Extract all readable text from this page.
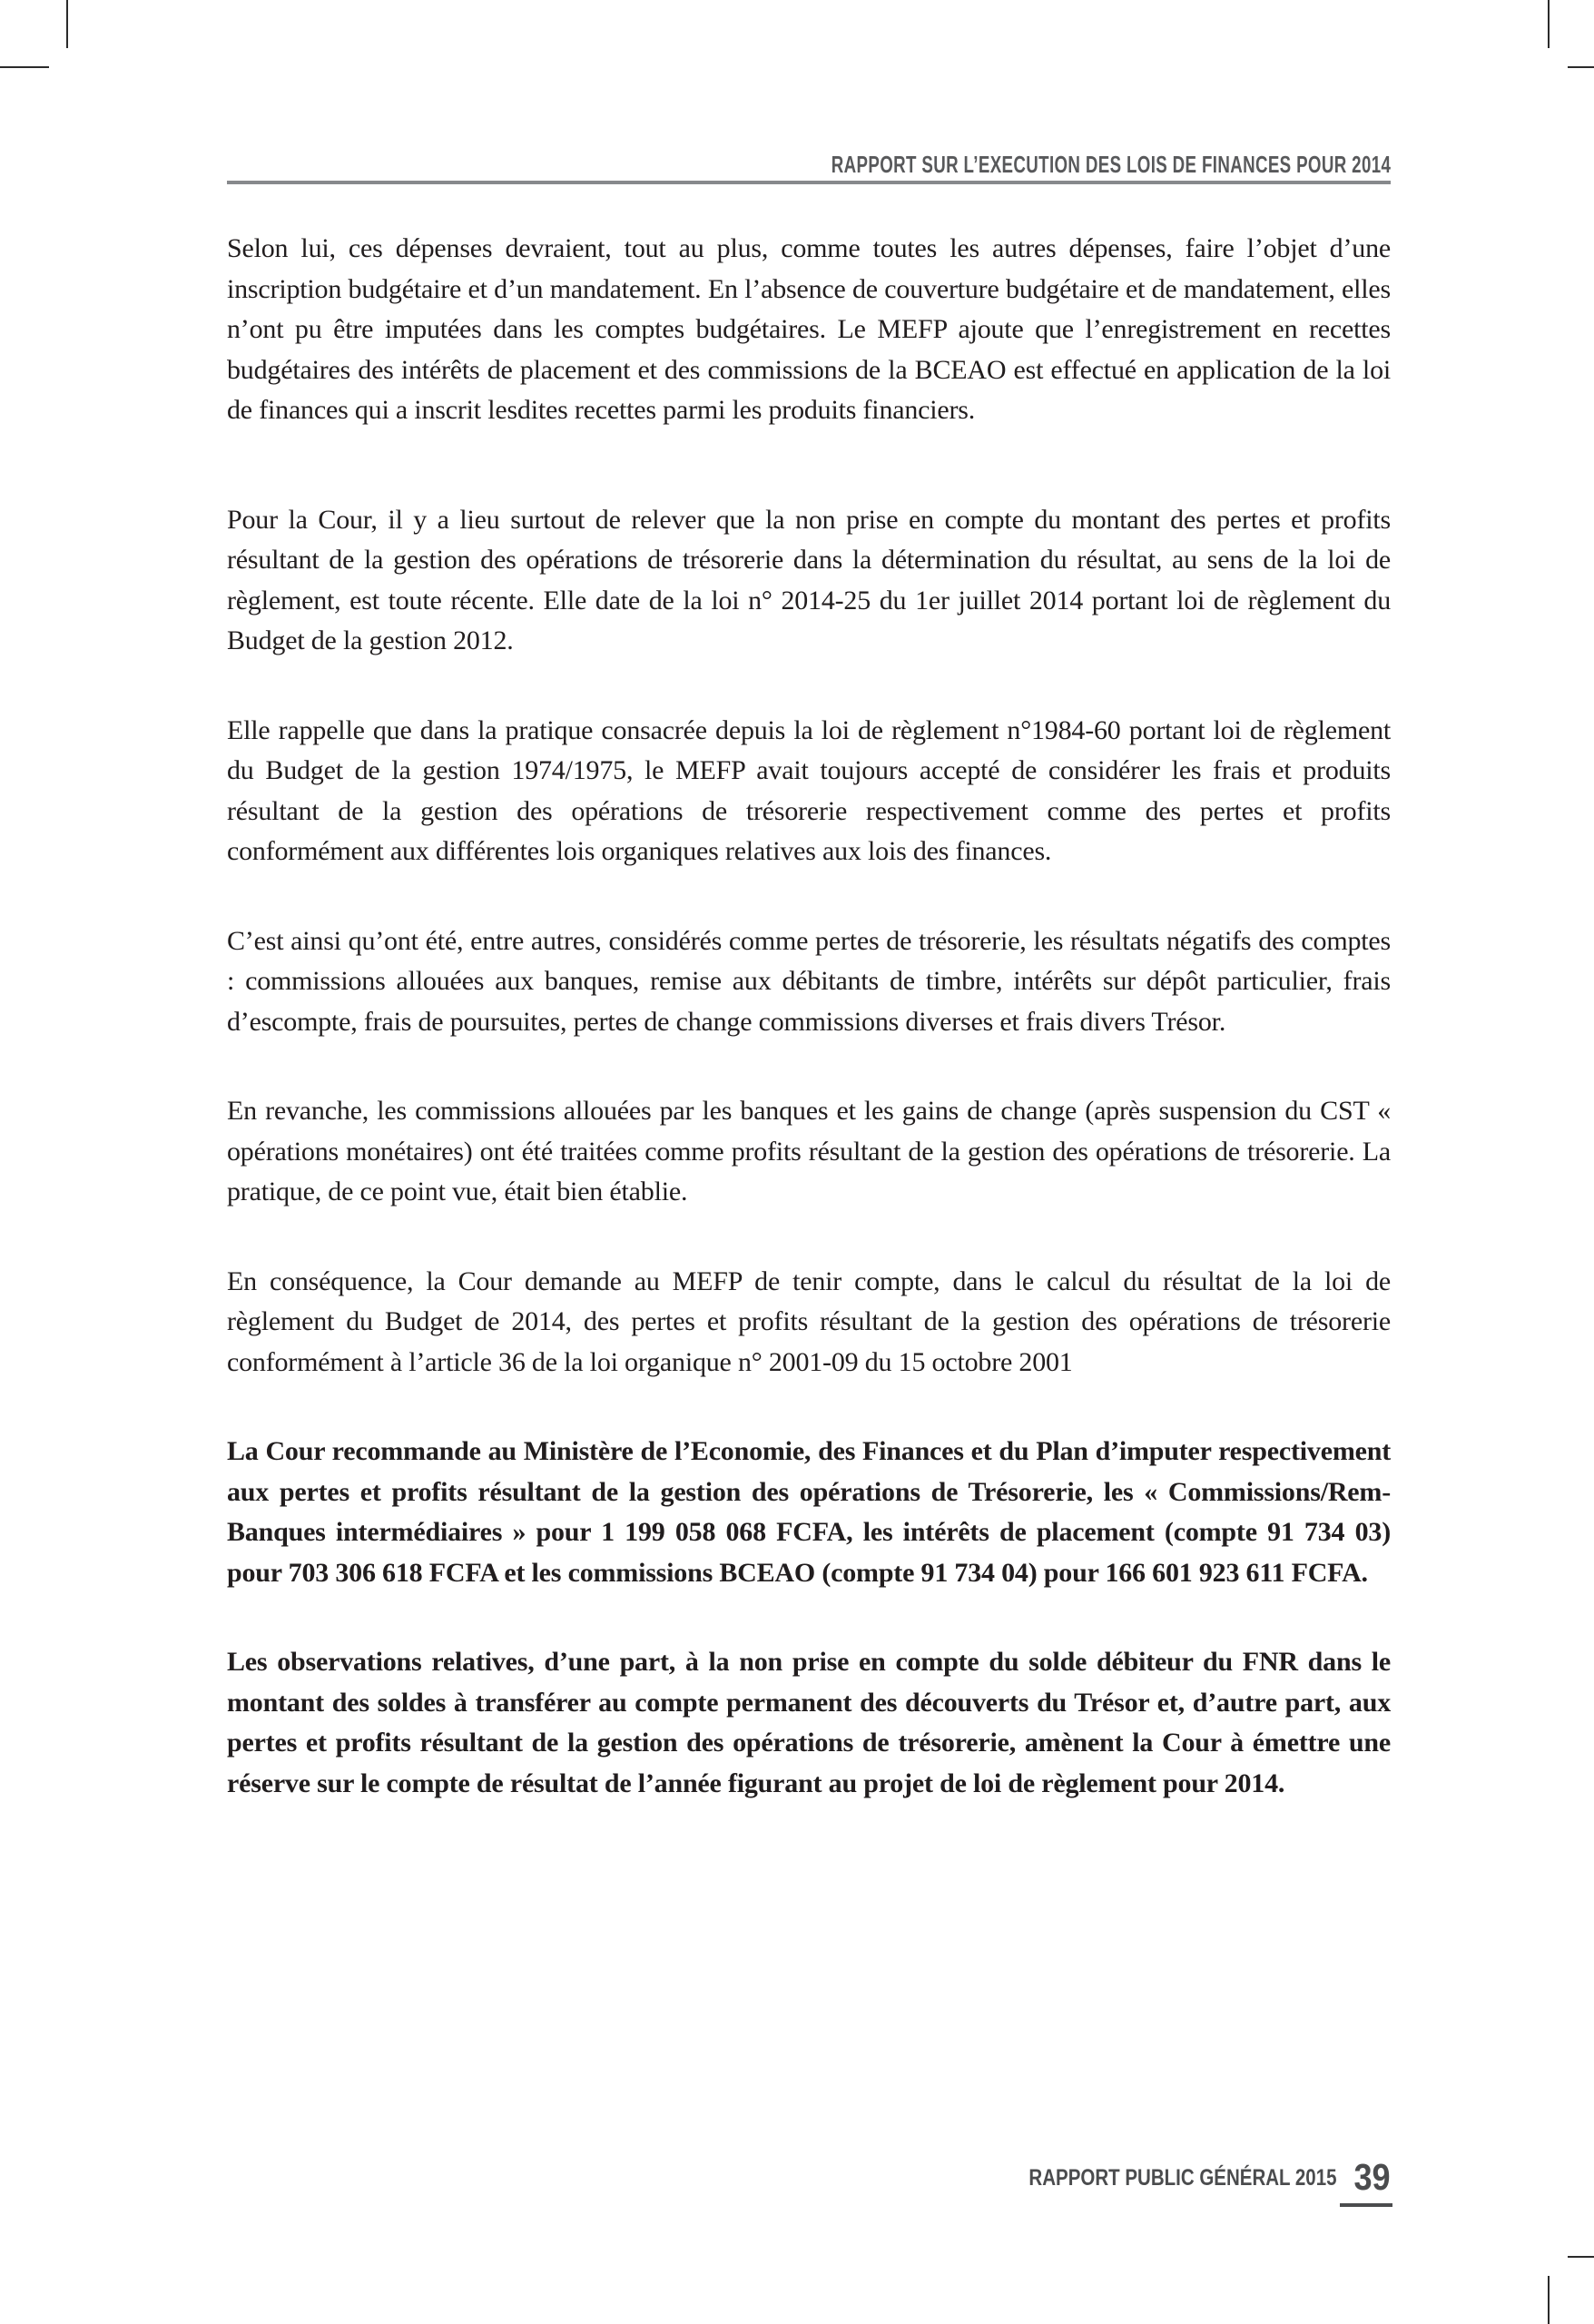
RAPPORT SUR L’EXECUTION DES LOIS DE FINANCES POUR 2014

Selon lui, ces dépenses devraient, tout au plus, comme toutes les autres dépenses, faire l’objet d’une inscription budgétaire et d’un mandatement. En l’absence de couverture budgétaire et de mandatement, elles n’ont pu être imputées dans les comptes budgétaires. Le MEFP ajoute que l’enregistrement en recettes budgétaires des intérêts de placement et des commissions de la BCEAO est effectué en application de la loi de finances qui a inscrit lesdites recettes parmi les produits financiers.

Pour la Cour, il y a lieu surtout de relever que la non prise en compte du montant des pertes et profits résultant de la gestion des opérations de trésorerie dans la détermination du résultat, au sens de la loi de règlement, est toute récente. Elle date de la loi n° 2014-25 du 1er juillet 2014 portant loi de règlement du Budget de la gestion 2012.

Elle rappelle que dans la pratique consacrée depuis la loi de règlement n°1984-60 portant loi de règlement du Budget de la gestion 1974/1975, le MEFP avait toujours accepté de considérer les frais et produits résultant de la gestion des opérations de trésorerie respectivement comme des pertes et profits conformément aux différentes lois organiques relatives aux lois des finances.

C’est ainsi qu’ont été, entre autres, considérés comme pertes de trésorerie, les résultats négatifs des comptes : commissions allouées aux banques, remise aux débitants de timbre, intérêts sur dépôt particulier, frais d’escompte, frais de poursuites, pertes de change commissions diverses et frais divers Trésor.

En revanche, les commissions allouées par les banques et les gains de change (après suspension du CST « opérations monétaires) ont été traitées comme profits résultant de la gestion des opérations de trésorerie. La pratique, de ce point vue, était bien établie.

En conséquence, la Cour demande au MEFP de tenir compte, dans le calcul du résultat de la loi de règlement du Budget de 2014, des pertes et profits résultant de la gestion des opérations de trésorerie conformément à l’article 36 de la loi organique n° 2001-09 du 15 octobre 2001

La Cour recommande au Ministère de l’Economie, des Finances et du Plan d’imputer respectivement aux pertes et profits résultant de la gestion des opérations de Trésorerie, les « Commissions/Rem-Banques intermédiaires » pour 1 199 058 068 FCFA, les intérêts de placement (compte 91 734 03) pour 703 306 618 FCFA et les commissions BCEAO (compte 91 734 04) pour 166 601 923 611 FCFA.

Les observations relatives, d’une part, à la non prise en compte du solde débiteur du FNR dans le montant des soldes à transférer au compte permanent des découverts du Trésor et, d’autre part, aux pertes et profits résultant de la gestion des opérations de trésorerie, amènent la Cour à émettre une réserve sur le compte de résultat de l’année figurant au projet de loi de règlement pour 2014.

RAPPORT PUBLIC GÉNÉRAL 2015 39
